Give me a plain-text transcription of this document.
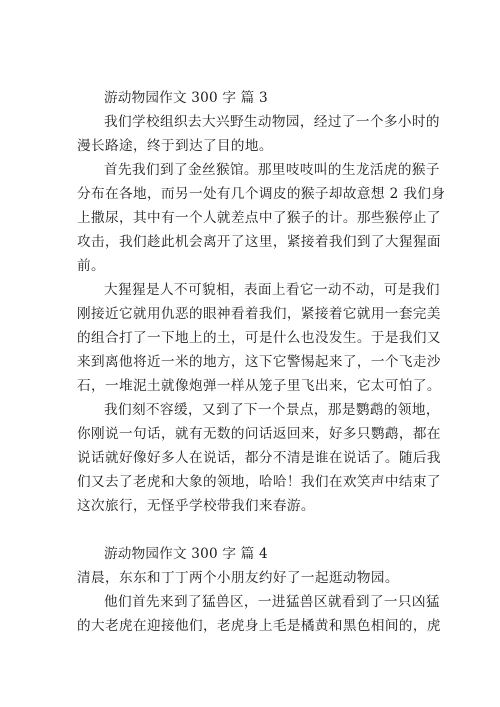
游动物园作文 300 字 篇 3
我们学校组织去大兴野生动物园，经过了一个多小时的
漫长路途，终于到达了目的地。
首先我们到了金丝猴馆。那里吱吱叫的生龙活虎的猴子
分布在各地，而另一处有几个调皮的猴子却故意想 2 我们身
上撒尿，其中有一个人就差点中了猴子的计。那些猴停止了
攻击，我们趁此机会离开了这里，紧接着我们到了大猩猩面
前。
大猩猩是人不可貌相，表面上看它一动不动，可是我们
刚接近它就用仇恶的眼神看着我们，紧接着它就用一套完美
的组合打了一下地上的土，可是什么也没发生。于是我们又
来到离他将近一米的地方，这下它警惕起来了，一个飞走沙
石，一堆泥土就像炮弹一样从笼子里飞出来，它太可怕了。
我们刻不容缓，又到了下一个景点，那是鹦鹉的领地，
你刚说一句话，就有无数的问话返回来，好多只鹦鹉，都在
说话就好像好多人在说话，都分不清是谁在说话了。随后我
们又去了老虎和大象的领地，哈哈！我们在欢笑声中结束了
这次旅行，无怪乎学校带我们来春游。
游动物园作文 300 字 篇 4
清晨，东东和丁丁两个小朋友约好了一起逛动物园。
他们首先来到了猛兽区，一进猛兽区就看到了一只凶猛
的大老虎在迎接他们，老虎身上毛是橘黄和黑色相间的，虎
